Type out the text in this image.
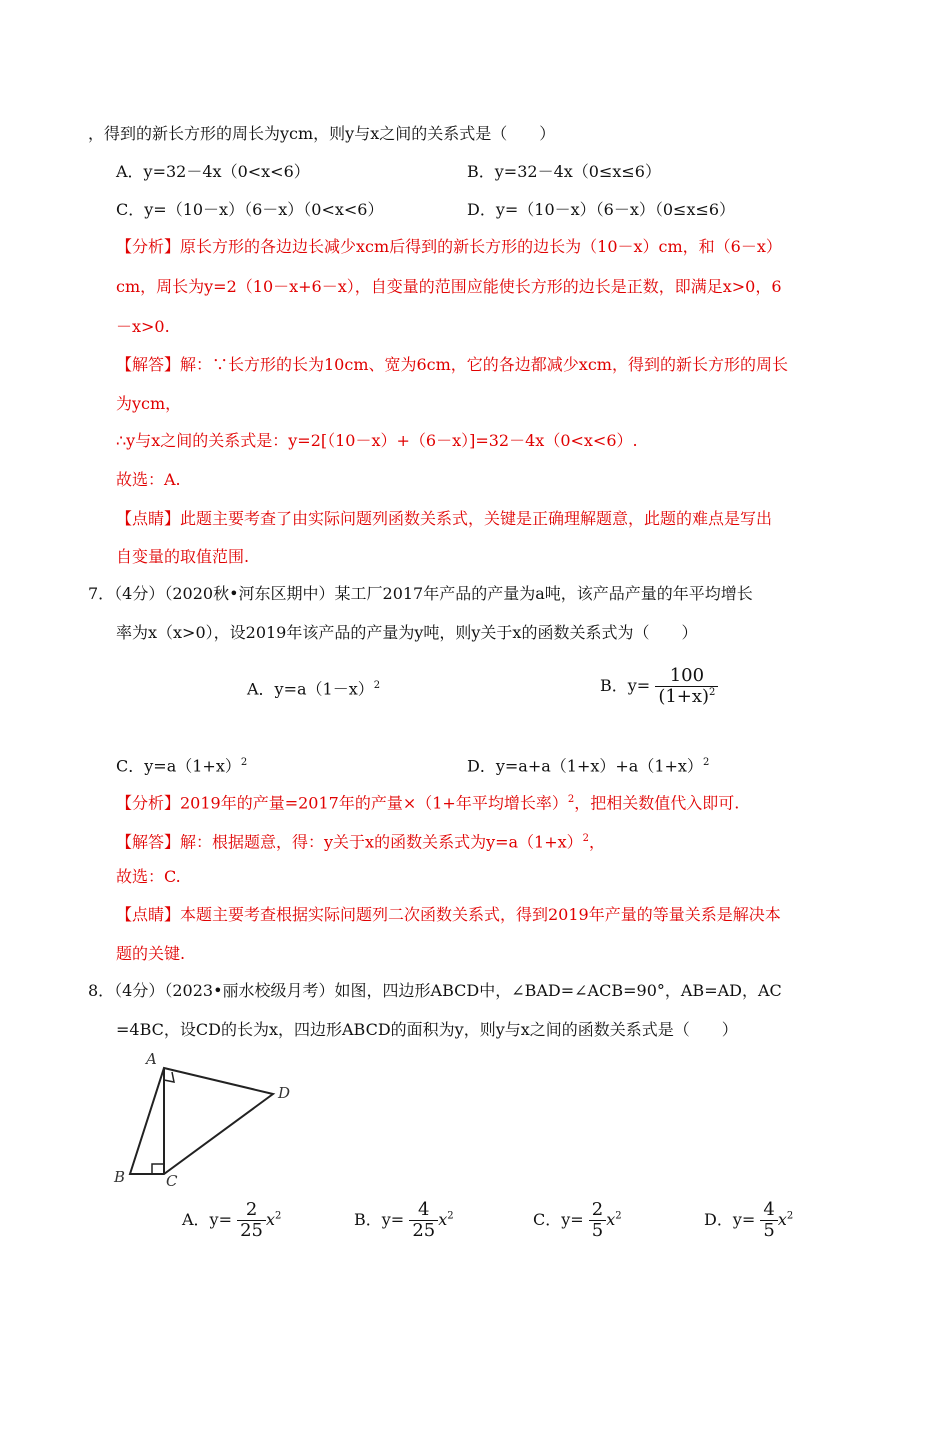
，得到的新长方形的周长为ycm，则y与x之间的关系式是（　　）
A．y=32－4x（0<x<6）	B．y=32－4x（0≤x≤6）
C．y=（10－x）（6－x）（0<x<6）	D．y=（10－x）（6－x）（0≤x≤6）
【分析】原长方形的各边边长减少xcm后得到的新长方形的边长为（10－x）cm，和（6－x）
cm，周长为y=2（10－x+6－x），自变量的范围应能使长方形的边长是正数，即满足x>0，6
－x>0.
【解答】解：∵长方形的长为10cm、宽为6cm，它的各边都减少xcm，得到的新长方形的周长
为ycm，
∴y与x之间的关系式是：y=2[（10－x）+（6－x）]=32－4x（0<x<6）.
故选：A.
【点睛】此题主要考查了由实际问题列函数关系式，关键是正确理解题意，此题的难点是写出
自变量的取值范围.
7．（4分）（2020秋•河东区期中）某工厂2017年产品的产量为a吨，该产品产量的年平均增长
率为x（x>0），设2019年该产品的产量为y吨，则y关于x的函数关系式为（　　）
A．$y=a(1-x)^2$	B．$y= \frac{100}{(1+x)^2}$
C．$y=a(1+x)^2$	D．$y=a+a(1+x)+a(1+x)^2$
【分析】2019年的产量=2017年的产量×（1+年平均增长率）$^2$，把相关数值代入即可.
【解答】解：根据题意，得：y关于x的函数关系式为$y=a(1+x)^2$，
故选：C.
【点睛】本题主要考查根据实际问题列二次函数关系式，得到2019年产量的等量关系是解决本
题的关键.
8．（4分）（2023•丽水校级月考）如图，四边形ABCD中，∠BAD=∠ACB=90°，AB=AD，AC
=4BC，设CD的长为x，四边形ABCD的面积为y，则y与x之间的函数关系式是（　　）
A
D
B	C
A．$y= \frac{2}{25} x^2$	B．$y= \frac{4}{25} x^2$	C．$y= \frac{2}{5} x^2$	D．$y= \frac{4}{5} x^2$
